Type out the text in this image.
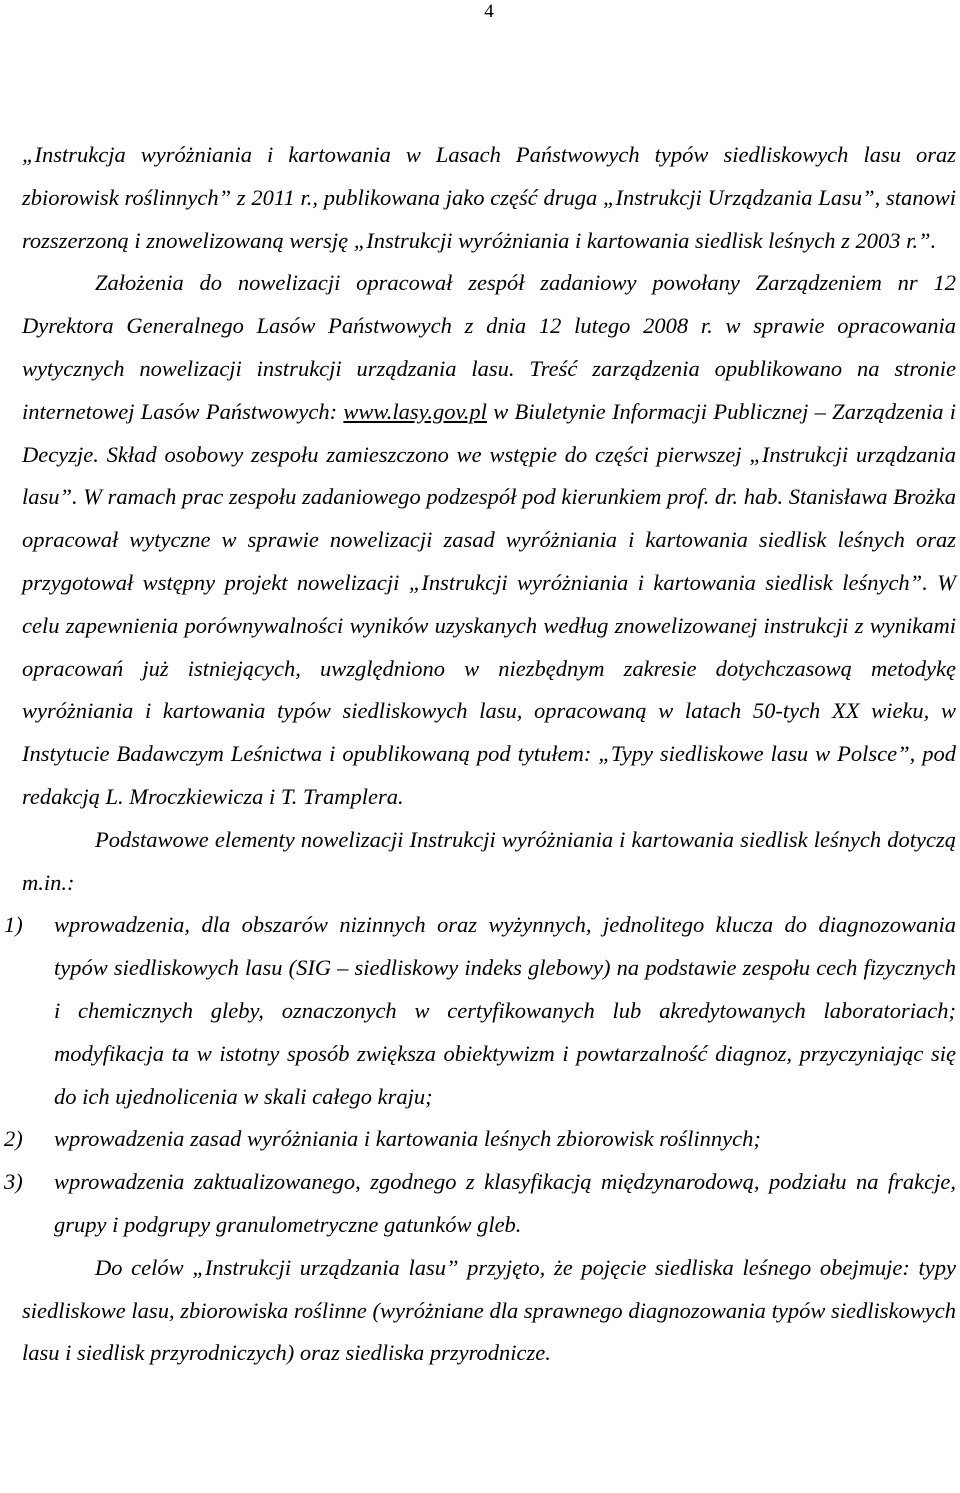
4

„Instrukcja wyróżniania i kartowania w Lasach Państwowych typów siedliskowych lasu oraz zbiorowisk roślinnych” z 2011 r., publikowana jako część druga „Instrukcji Urządzania Lasu”, stanowi rozszerzoną i znowelizowaną wersję „Instrukcji wyróżniania i kartowania siedlisk leśnych z 2003 r.”.

Założenia do nowelizacji opracował zespół zadaniowy powołany Zarządzeniem nr 12 Dyrektora Generalnego Lasów Państwowych z dnia 12 lutego 2008 r. w sprawie opracowania wytycznych nowelizacji instrukcji urządzania lasu. Treść zarządzenia opublikowano na stronie internetowej Lasów Państwowych: www.lasy.gov.pl w Biuletynie Informacji Publicznej – Zarządzenia i Decyzje. Skład osobowy zespołu zamieszczono we wstępie do części pierwszej „Instrukcji urządzania lasu”. W ramach prac zespołu zadaniowego podzespół pod kierunkiem prof. dr. hab. Stanisława Brożka opracował wytyczne w sprawie nowelizacji zasad wyróżniania i kartowania siedlisk leśnych oraz przygotował wstępny projekt nowelizacji „Instrukcji wyróżniania i kartowania siedlisk leśnych”. W celu zapewnienia porównywalności wyników uzyskanych według znowelizowanej instrukcji z wynikami opracowań już istniejących, uwzględniono w niezbędnym zakresie dotychczasową metodykę wyróżniania i kartowania typów siedliskowych lasu, opracowaną w latach 50-tych XX wieku, w Instytucie Badawczym Leśnictwa i opublikowaną pod tytułem: „Typy siedliskowe lasu w Polsce”, pod redakcją L. Mroczkiewicza i T. Tramplera.

Podstawowe elementy nowelizacji Instrukcji wyróżniania i kartowania siedlisk leśnych dotyczą m.in.:

1) wprowadzenia, dla obszarów nizinnych oraz wyżynnych, jednolitego klucza do diagnozowania typów siedliskowych lasu (SIG – siedliskowy indeks glebowy) na podstawie zespołu cech fizycznych i chemicznych gleby, oznaczonych w certyfikowanych lub akredytowanych laboratoriach; modyfikacja ta w istotny sposób zwiększa obiektywizm i powtarzalność diagnoz, przyczyniając się do ich ujednolicenia w skali całego kraju;
2) wprowadzenia zasad wyróżniania i kartowania leśnych zbiorowisk roślinnych;
3) wprowadzenia zaktualizowanego, zgodnego z klasyfikacją międzynarodową, podziału na frakcje, grupy i podgrupy granulometryczne gatunków gleb.

Do celów „Instrukcji urządzania lasu” przyjęto, że pojęcie siedliska leśnego obejmuje: typy siedliskowe lasu, zbiorowiska roślinne (wyróżniane dla sprawnego diagnozowania typów siedliskowych lasu i siedlisk przyrodniczych) oraz siedliska przyrodnicze.
